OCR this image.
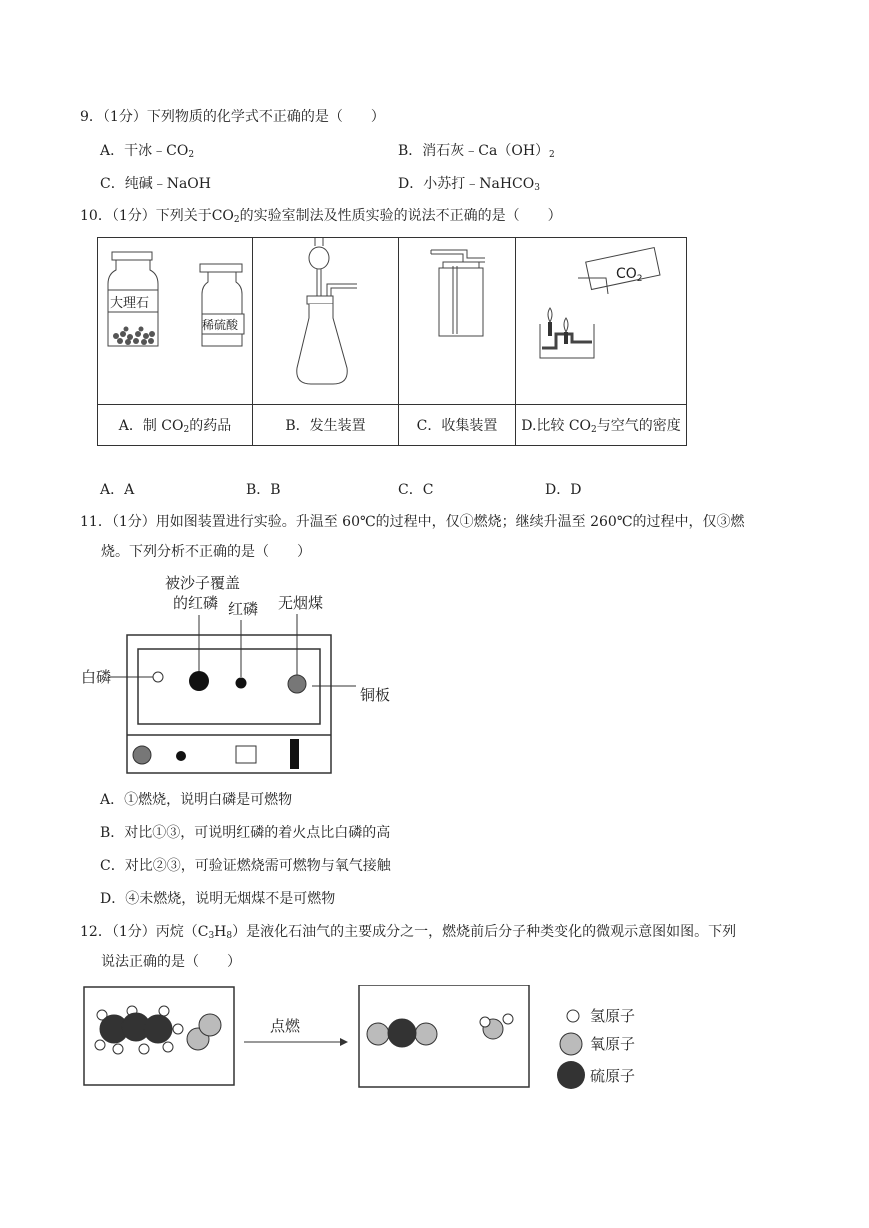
9．（1分）下列物质的化学式不正确的是（　　）
A．干冰$﹣CO_2$	B．消石灰$﹣Ca(OH)_2$
C．纯碱﹣NaOH	D．小苏打﹣NaHCO$_3$
10．（1分）下列关于$CO_2$的实验室制法及性质实验的说法不正确的是（　　）
大理石
稀硫酸			$CO_2$

A．制 $CO_2$的药品	B．发生装置	C．收集装置	D.比较 $CO_2$与空气的密度
A．A	B．B	C．C	D．D
11．（1分）用如图装置进行实验。升温至 60℃的过程中，仅①燃烧；继续升温至 260℃的过程中，仅③燃
烧。下列分析不正确的是（　　）
被沙子覆盖
的红磷 红磷 无烟煤
白磷
铜板
A．①燃烧，说明白磷是可燃物
B．对比①③，可说明红磷的着火点比白磷的高
C．对比②③，可验证燃烧需可燃物与氧气接触
D．④未燃烧，说明无烟煤不是可燃物
12．（1分）丙烷$(C_3H_8)$是液化石油气的主要成分之一，燃烧前后分子种类变化的微观示意图如图。下列
说法正确的是（　　）
点燃
氢原子
氧原子
硫原子
